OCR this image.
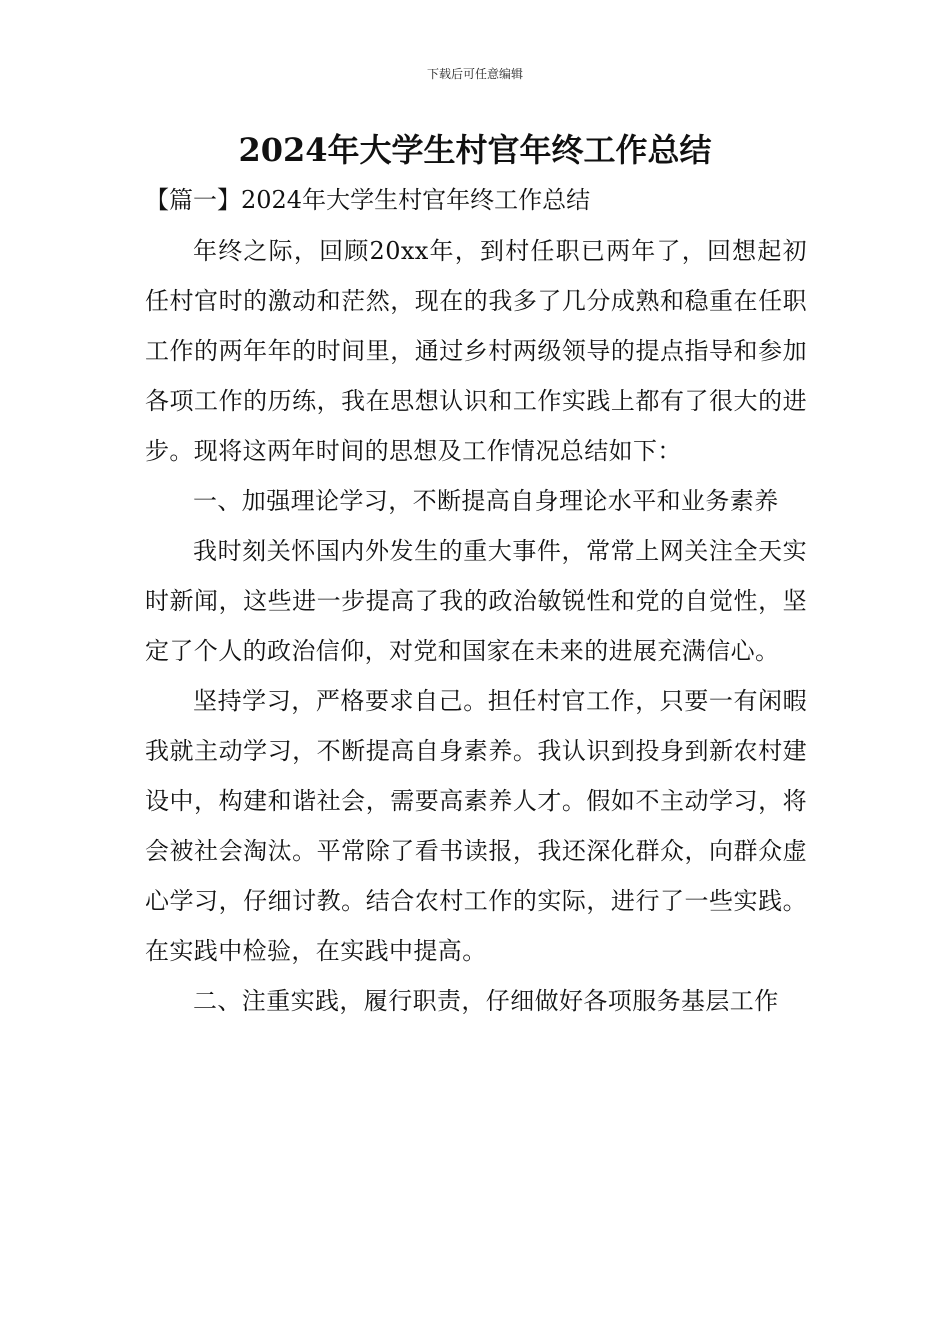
下载后可任意编辑
2024年大学生村官年终工作总结

【篇一】2024年大学生村官年终工作总结

年终之际，回顾20xx年，到村任职已两年了，回想起初任村官时的激动和茫然，现在的我多了几分成熟和稳重在任职工作的两年年的时间里，通过乡村两级领导的提点指导和参加各项工作的历练，我在思想认识和工作实践上都有了很大的进步。现将这两年时间的思想及工作情况总结如下：

一、加强理论学习，不断提高自身理论水平和业务素养

我时刻关怀国内外发生的重大事件，常常上网关注全天实时新闻，这些进一步提高了我的政治敏锐性和党的自觉性，坚定了个人的政治信仰，对党和国家在未来的进展充满信心。

坚持学习，严格要求自己。担任村官工作，只要一有闲暇我就主动学习，不断提高自身素养。我认识到投身到新农村建设中，构建和谐社会，需要高素养人才。假如不主动学习，将会被社会淘汰。平常除了看书读报，我还深化群众，向群众虚心学习，仔细讨教。结合农村工作的实际，进行了一些实践。在实践中检验，在实践中提高。

二、注重实践，履行职责，仔细做好各项服务基层工作
